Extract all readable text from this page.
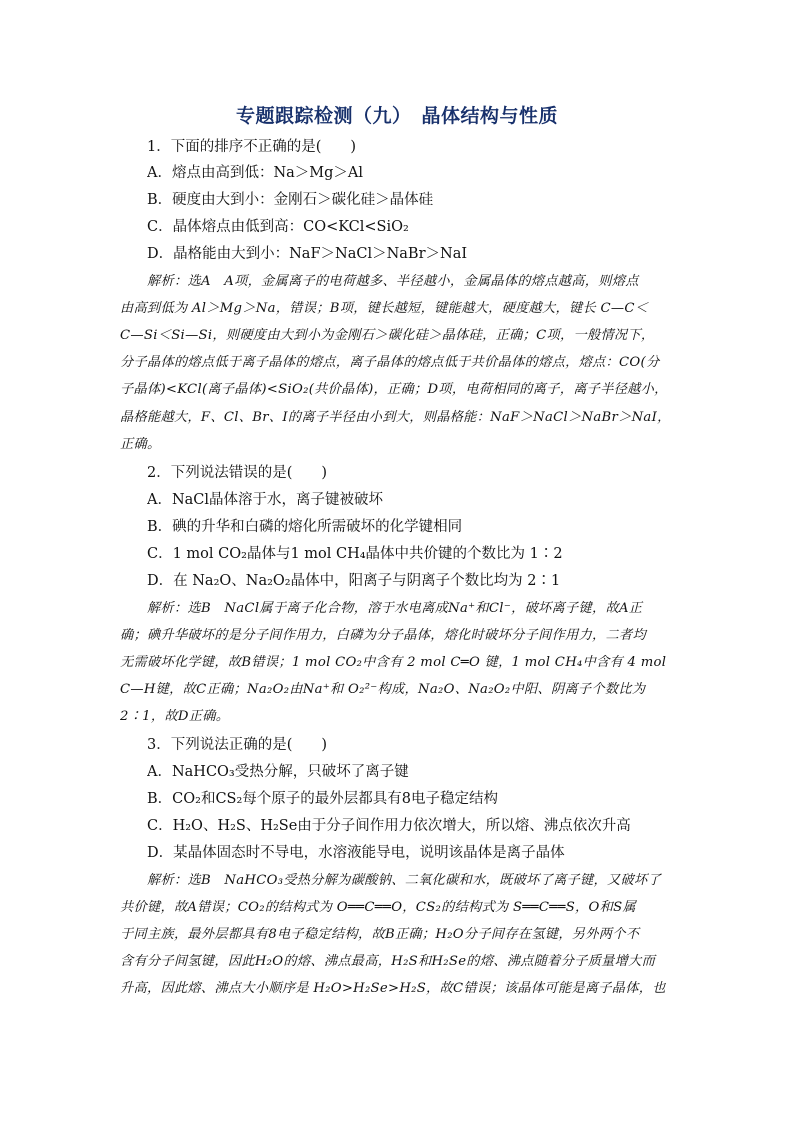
专题跟踪检测（九）　晶体结构与性质
1．下面的排序不正确的是(　　)
A．熔点由高到低：Na＞Mg＞Al
B．硬度由大到小：金刚石＞碳化硅＞晶体硅
C．晶体熔点由低到高：CO<KCl<SiO₂
D．晶格能由大到小：NaF＞NaCl＞NaBr＞NaI
解析：选A　A项，金属离子的电荷越多、半径越小，金属晶体的熔点越高，则熔点
由高到低为 Al＞Mg＞Na，错误；B项，键长越短，键能越大，硬度越大，键长 C—C＜
C—Si＜Si—Si，则硬度由大到小为金刚石＞碳化硅＞晶体硅，正确；C项，一般情况下，
分子晶体的熔点低于离子晶体的熔点，离子晶体的熔点低于共价晶体的熔点，熔点：CO(分
子晶体)<KCl(离子晶体)<SiO₂(共价晶体)，正确；D项，电荷相同的离子，离子半径越小，
晶格能越大，F、Cl、Br、I的离子半径由小到大，则晶格能：NaF＞NaCl＞NaBr＞NaI，
正确。
2．下列说法错误的是(　　)
A．NaCl晶体溶于水，离子键被破坏
B．碘的升华和白磷的熔化所需破坏的化学键相同
C．1 mol CO₂晶体与1 mol CH₄晶体中共价键的个数比为 1∶2
D．在 Na₂O、Na₂O₂晶体中，阳离子与阴离子个数比均为 2∶1
解析：选B　NaCl属于离子化合物，溶于水电离成Na⁺和Cl⁻，破坏离子键，故A正
确；碘升华破坏的是分子间作用力，白磷为分子晶体，熔化时破坏分子间作用力，二者均
无需破坏化学键，故B错误；1 mol CO₂中含有 2 mol C═O 键，1 mol CH₄中含有 4 mol
C—H键，故C正确；Na₂O₂由Na⁺和 O₂²⁻构成，Na₂O、Na₂O₂中阳、阴离子个数比为
2∶1，故D正确。
3．下列说法正确的是(　　)
A．NaHCO₃受热分解，只破坏了离子键
B．CO₂和CS₂每个原子的最外层都具有8电子稳定结构
C．H₂O、H₂S、H₂Se由于分子间作用力依次增大，所以熔、沸点依次升高
D．某晶体固态时不导电，水溶液能导电，说明该晶体是离子晶体
解析：选B　NaHCO₃受热分解为碳酸钠、二氧化碳和水，既破坏了离子键，又破坏了
共价键，故A错误；CO₂的结构式为 O══C══O，CS₂的结构式为 S══C══S，O和S属
于同主族，最外层都具有8电子稳定结构，故B正确；H₂O分子间存在氢键，另外两个不
含有分子间氢键，因此H₂O的熔、沸点最高，H₂S和H₂Se的熔、沸点随着分子质量增大而
升高，因此熔、沸点大小顺序是 H₂O>H₂Se>H₂S，故C错误；该晶体可能是离子晶体，也
